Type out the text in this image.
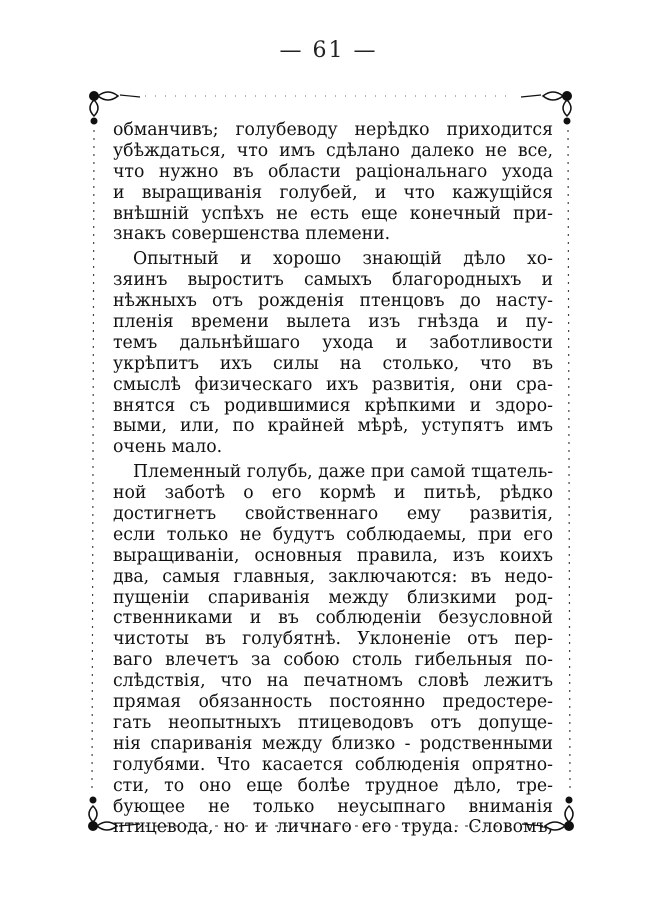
— 61 —
обманчивъ; голубеводу нерѣдко приходится
убѣждаться, что имъ сдѣлано далеко не все,
что нужно въ области раціональнаго ухода
и выращиванія голубей, и что кажущійся
внѣшній успѣхъ не есть еще конечный при-
знакъ совершенства племени.
Опытный и хорошо знающій дѣло хо-
зяинъ выроститъ самыхъ благородныхъ и
нѣжныхъ отъ рожденія птенцовъ до насту-
пленія времени вылета изъ гнѣзда и пу-
темъ дальнѣйшаго ухода и заботливости
укрѣпитъ ихъ силы на столько, что въ
смыслѣ физическаго ихъ развитія, они сра-
внятся съ родившимися крѣпкими и здоро-
выми, или, по крайней мѣрѣ, уступятъ имъ
очень мало.
Племенный голубь, даже при самой тщатель-
ной заботѣ о его кормѣ и питьѣ, рѣдко
достигнетъ свойственнаго ему развитія,
если только не будутъ соблюдаемы, при его
выращиваніи, основныя правила, изъ коихъ
два, самыя главныя, заключаются: въ недо-
пущеніи спариванія между близкими род-
ственниками и въ соблюденіи безусловной
чистоты въ голубятнѣ. Уклоненіе отъ пер-
ваго влечетъ за собою столь гибельныя по-
слѣдствія, что на печатномъ словѣ лежитъ
прямая обязанность постоянно предостере-
гать неопытныхъ птицеводовъ отъ допуще-
нія спариванія между близко - родственными
голубями. Что касается соблюденія опрятно-
сти, то оно еще болѣе трудное дѣло, тре-
бующее не только неусыпнаго вниманія
птицевода, но и личнаго его труда. Словомъ,
